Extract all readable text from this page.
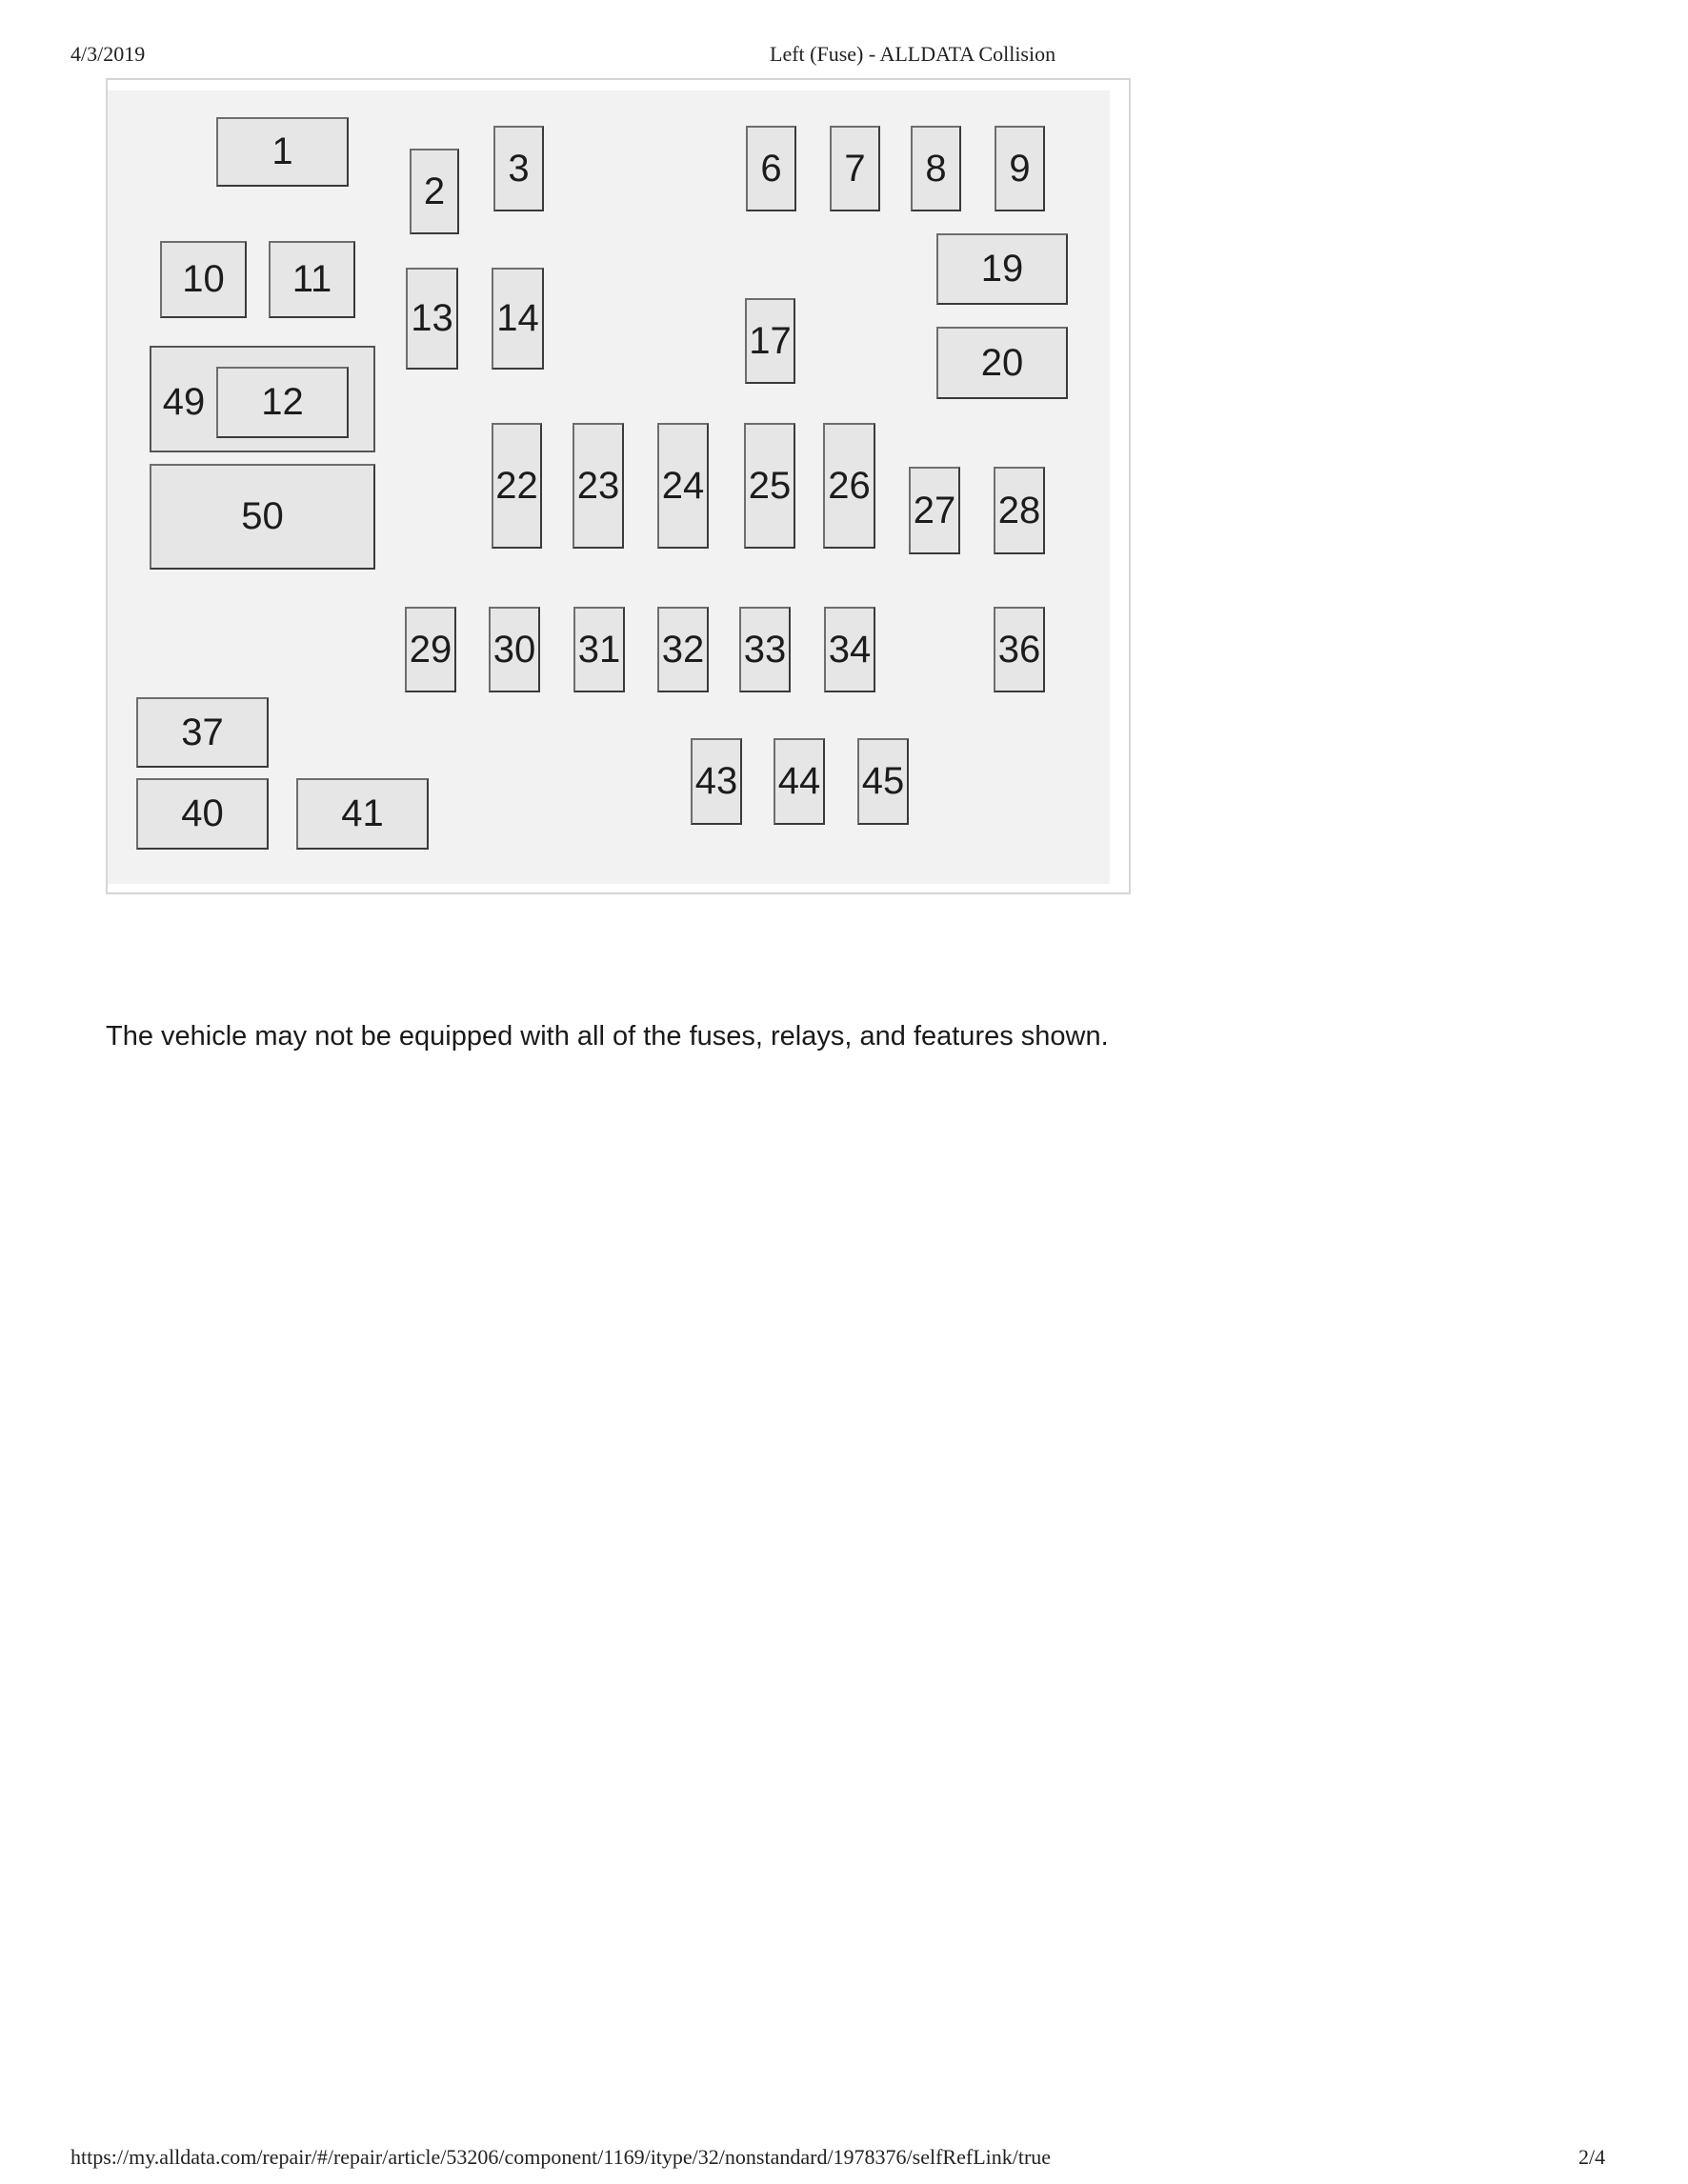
4/3/2019	Left (Fuse) - ALLDATA Collision
1
2
3	6	7	8	9
10	11	19
13 14
17
20
49	12
50
22 23 24 25 26
27 28
29 30 31 32 33 34	36
37
40	41
43 44 45
The vehicle may not be equipped with all of the fuses, relays, and features shown.
https://my.alldata.com/repair/#/repair/article/53206/component/1169/itype/32/nonstandard/1978376/selfRefLink/true	2/4
